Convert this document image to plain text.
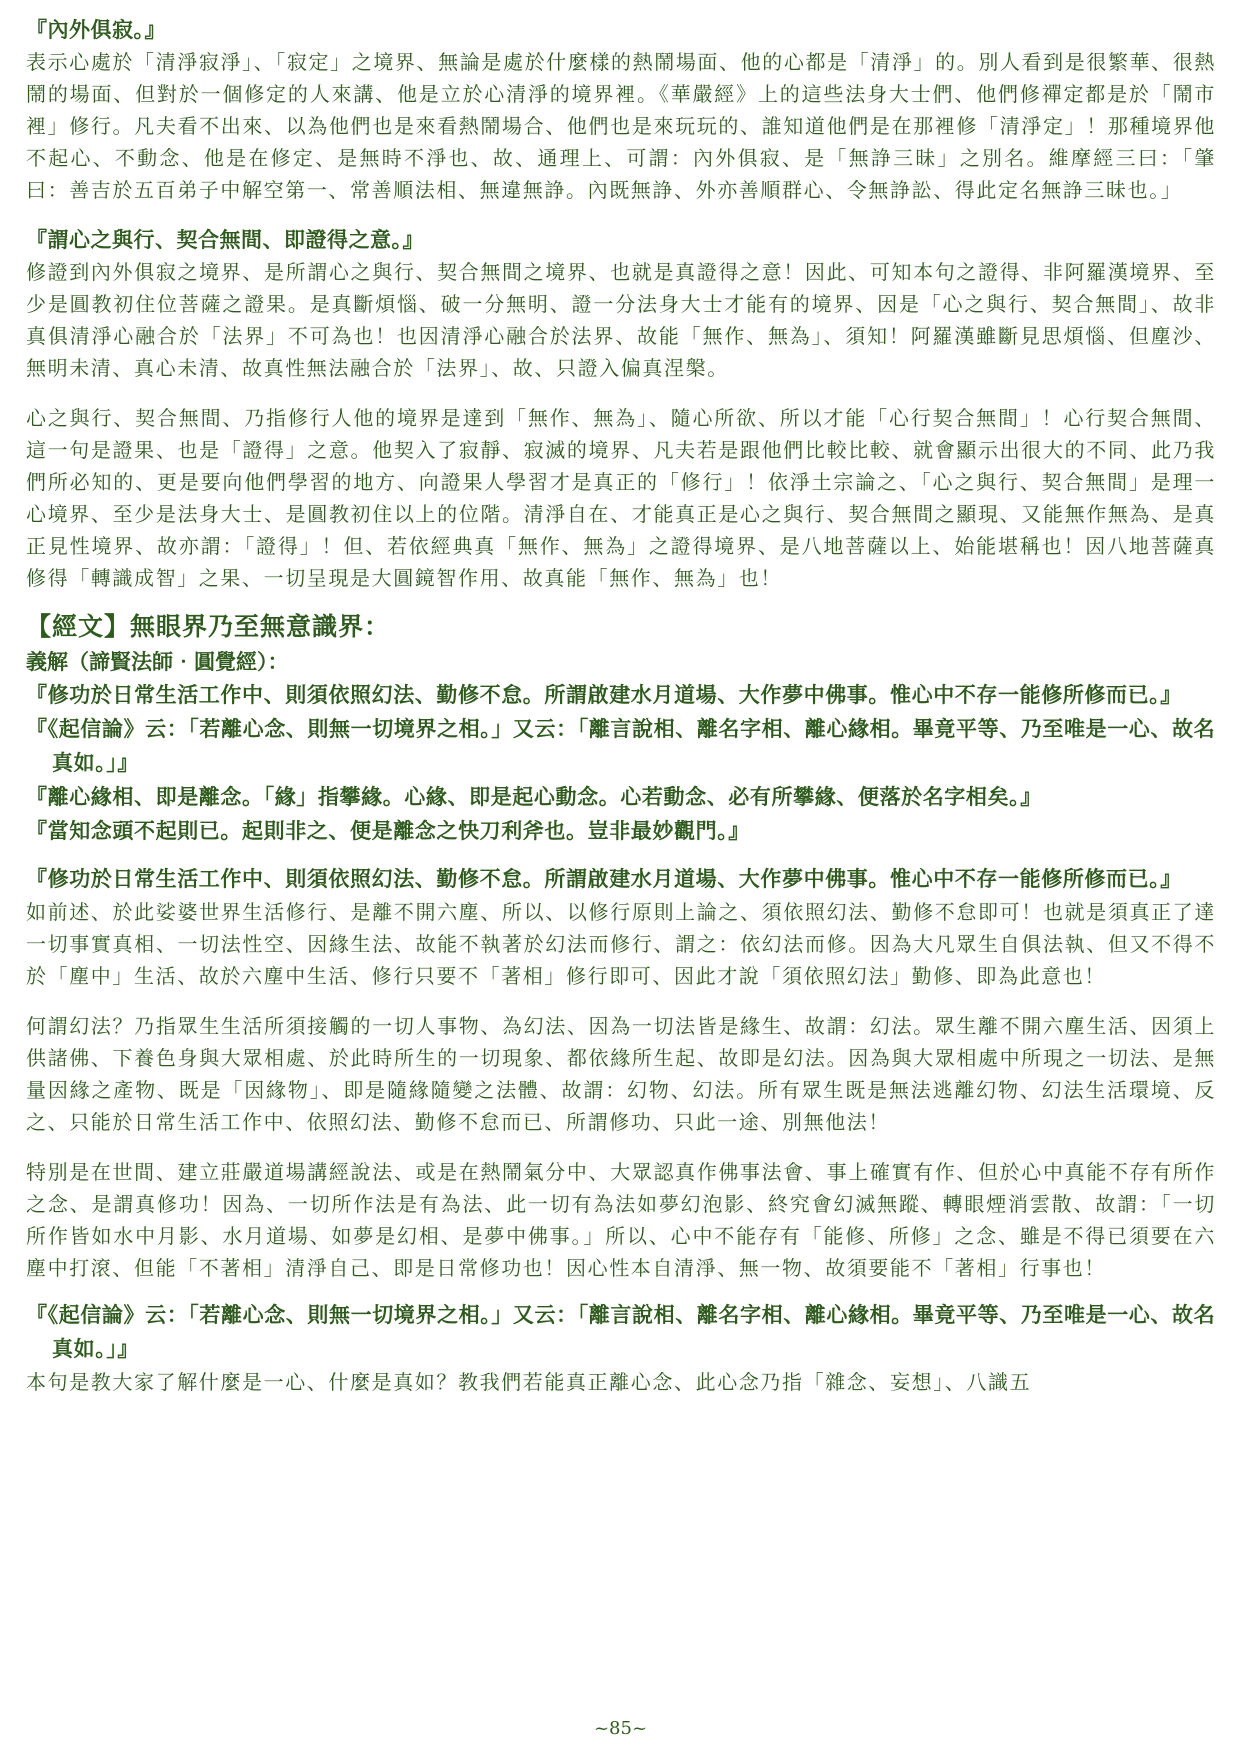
『內外俱寂。』

表示心處於「清淨寂淨」、「寂定」之境界、無論是處於什麼樣的熱鬧場面、他的心都是「清淨」的。別人看到是很繁華、很熱鬧的場面、但對於一個修定的人來講、他是立於心清淨的境界裡。《華嚴經》上的這些法身大士們、他們修禪定都是於「鬧市裡」修行。凡夫看不出來、以為他們也是來看熱鬧場合、他們也是來玩玩的、誰知道他們是在那裡修「清淨定」！那種境界他不起心、不動念、他是在修定、是無時不淨也、故、通理上、可謂：內外俱寂、是「無諍三昧」之別名。維摩經三曰：「肇曰：善吉於五百弟子中解空第一、常善順法相、無違無諍。內既無諍、外亦善順群心、令無諍訟、得此定名無諍三昧也。」

『謂心之與行、契合無間、即證得之意。』

修證到內外俱寂之境界、是所謂心之與行、契合無間之境界、也就是真證得之意！因此、可知本句之證得、非阿羅漢境界、至少是圓教初住位菩薩之證果。是真斷煩惱、破一分無明、證一分法身大士才能有的境界、因是「心之與行、契合無間」、故非真俱清淨心融合於「法界」不可為也！也因清淨心融合於法界、故能「無作、無為」、須知！阿羅漢雖斷見思煩惱、但塵沙、無明未清、真心未清、故真性無法融合於「法界」、故、只證入偏真涅槃。

心之與行、契合無間、乃指修行人他的境界是達到「無作、無為」、隨心所欲、所以才能「心行契合無間」！心行契合無間、這一句是證果、也是「證得」之意。他契入了寂靜、寂滅的境界、凡夫若是跟他們比較比較、就會顯示出很大的不同、此乃我們所必知的、更是要向他們學習的地方、向證果人學習才是真正的「修行」！依淨土宗論之、「心之與行、契合無間」是理一心境界、至少是法身大士、是圓教初住以上的位階。清淨自在、才能真正是心之與行、契合無間之顯現、又能無作無為、是真正見性境界、故亦謂：「證得」！但、若依經典真「無作、無為」之證得境界、是八地菩薩以上、始能堪稱也！因八地菩薩真修得「轉識成智」之果、一切呈現是大圓鏡智作用、故真能「無作、無為」也！

【經文】無眼界乃至無意識界：

義解（諦賢法師‧圓覺經）：

『修功於日常生活工作中、則須依照幻法、勤修不怠。所謂啟建水月道場、大作夢中佛事。惟心中不存一能修所修而已。』

『《起信論》云：「若離心念、則無一切境界之相。」又云：「離言說相、離名字相、離心緣相。畢竟平等、乃至唯是一心、故名真如。」』

『離心緣相、即是離念。「緣」指攀緣。心緣、即是起心動念。心若動念、必有所攀緣、便落於名字相矣。』

『當知念頭不起則已。起則非之、便是離念之快刀利斧也。豈非最妙觀門。』

『修功於日常生活工作中、則須依照幻法、勤修不怠。所謂啟建水月道場、大作夢中佛事。惟心中不存一能修所修而已。』

如前述、於此娑婆世界生活修行、是離不開六塵、所以、以修行原則上論之、須依照幻法、勤修不怠即可！也就是須真正了達一切事實真相、一切法性空、因緣生法、故能不執著於幻法而修行、謂之：依幻法而修。因為大凡眾生自俱法執、但又不得不於「塵中」生活、故於六塵中生活、修行只要不「著相」修行即可、因此才說「須依照幻法」勤修、即為此意也！

何謂幻法？乃指眾生生活所須接觸的一切人事物、為幻法、因為一切法皆是緣生、故謂：幻法。眾生離不開六塵生活、因須上供諸佛、下養色身與大眾相處、於此時所生的一切現象、都依緣所生起、故即是幻法。因為與大眾相處中所現之一切法、是無量因緣之產物、既是「因緣物」、即是隨緣隨變之法體、故謂：幻物、幻法。所有眾生既是無法逃離幻物、幻法生活環境、反之、只能於日常生活工作中、依照幻法、勤修不怠而已、所謂修功、只此一途、別無他法！

特別是在世間、建立莊嚴道場講經說法、或是在熱鬧氣分中、大眾認真作佛事法會、事上確實有作、但於心中真能不存有所作之念、是謂真修功！因為、一切所作法是有為法、此一切有為法如夢幻泡影、終究會幻滅無蹤、轉眼煙消雲散、故謂：「一切所作皆如水中月影、水月道場、如夢是幻相、是夢中佛事。」所以、心中不能存有「能修、所修」之念、雖是不得已須要在六塵中打滾、但能「不著相」清淨自己、即是日常修功也！因心性本自清淨、無一物、故須要能不「著相」行事也！

『《起信論》云：「若離心念、則無一切境界之相。」又云：「離言說相、離名字相、離心緣相。畢竟平等、乃至唯是一心、故名真如。」』

本句是教大家了解什麼是一心、什麼是真如？教我們若能真正離心念、此心念乃指「雜念、妄想」、八識五

~85~
